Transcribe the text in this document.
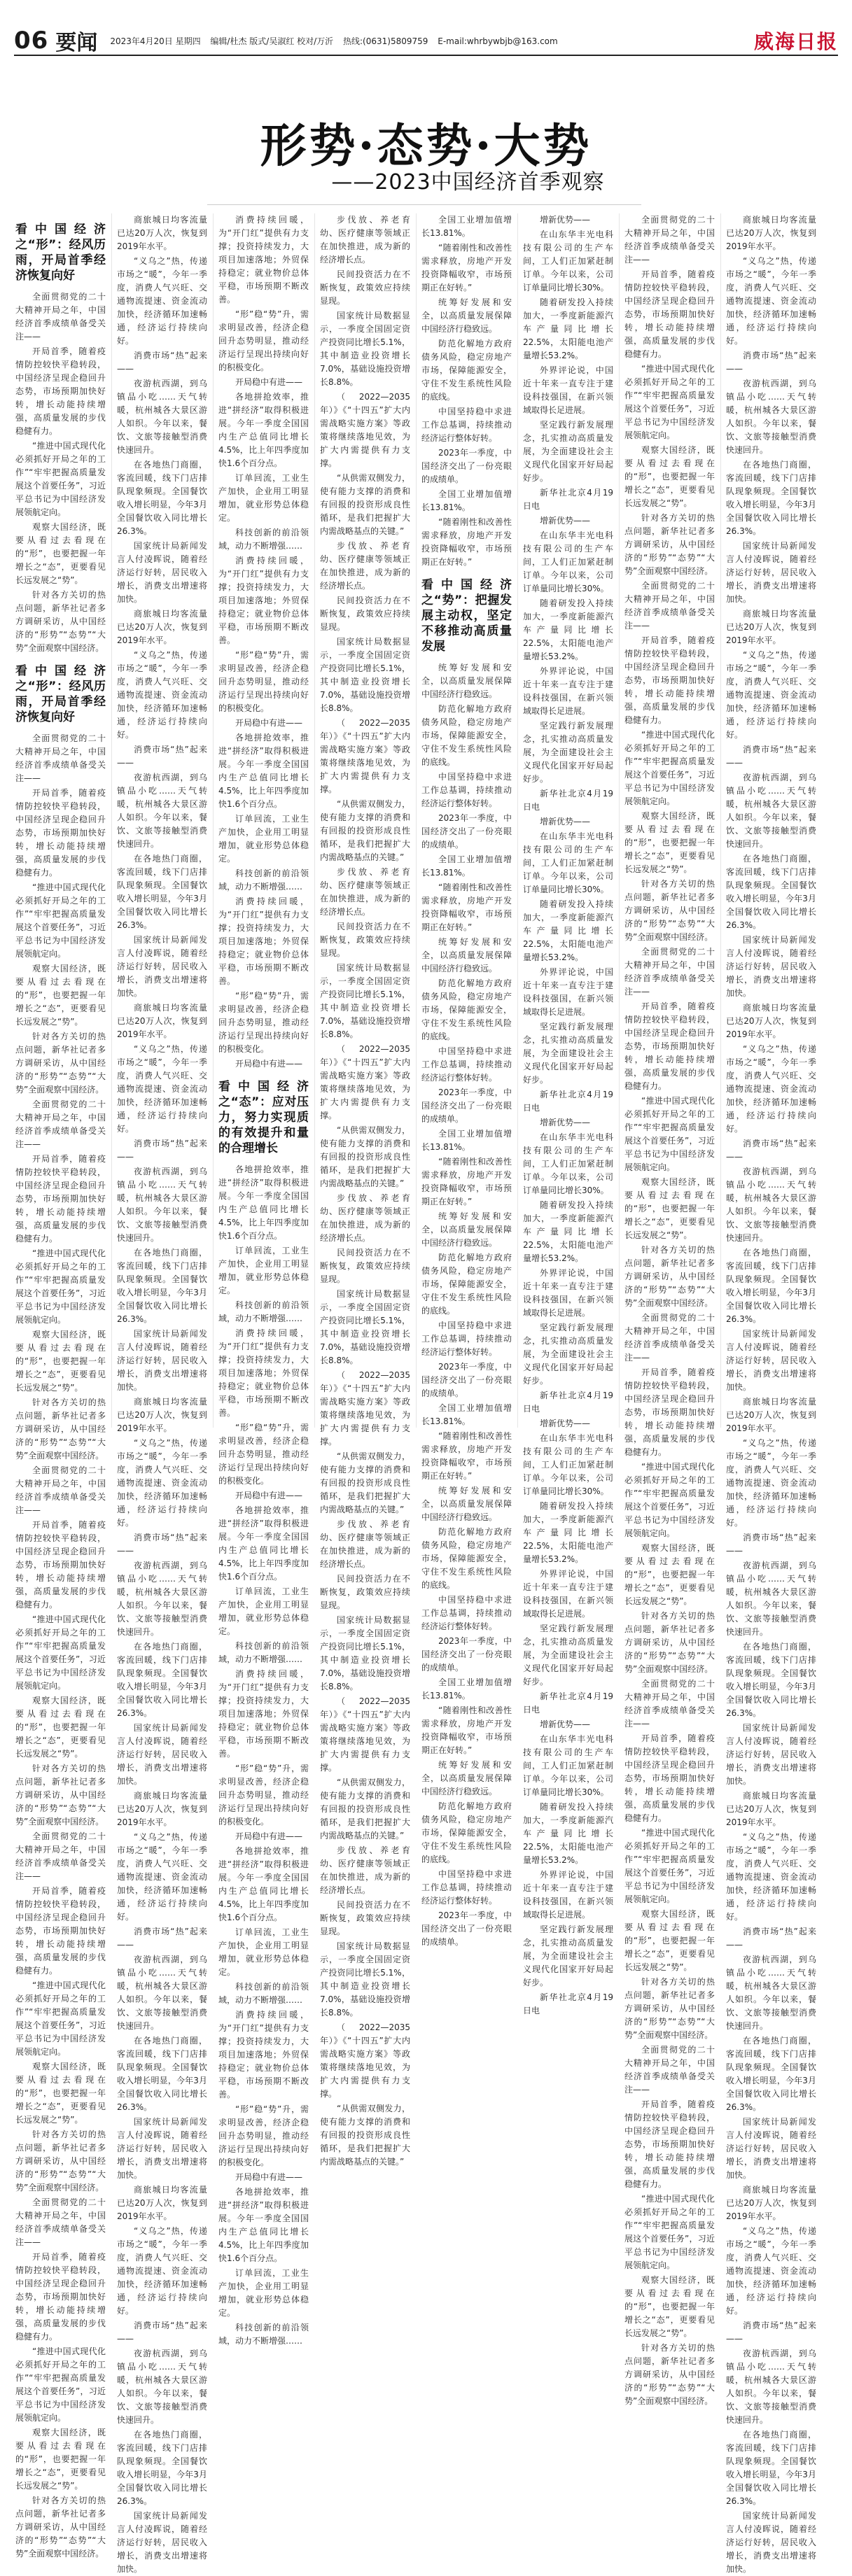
06 要闻 2023年4月20日 星期四 编辑/杜杰 版式/吴淑红 校对/万沂 热线:(0631)5809759 E-mail:whrbywbjb@163.com	威海日报
形势·态势·大势
——2023中国经济首季观察
看中国经济之“形”：经风历雨，开局首季经济恢复向好

全面贯彻党的二十大精神开局之年，中国经济首季成绩单备受关注——

开局首季，随着疫情防控较快平稳转段，中国经济呈现企稳回升态势，市场预期加快好转，增长动能持续增强，高质量发展的步伐稳健有力。

“推进中国式现代化必须抓好开局之年的工作”“牢牢把握高质量发展这个首要任务”，习近平总书记为中国经济发展领航定向。

观察大国经济，既要从看过去看现在的“形”，也要把握一年增长之“态”，更要看见长远发展之“势”。

针对各方关切的热点问题，新华社记者多方调研采访，从中国经济的“形势”“态势”“大势”全面观察中国经济。

看中国经济之“形”：经风历雨，开局首季经济恢复向好

全面贯彻党的二十大精神开局之年，中国经济首季成绩单备受关注——

开局首季，随着疫情防控较快平稳转段，中国经济呈现企稳回升态势，市场预期加快好转，增长动能持续增强，高质量发展的步伐稳健有力。

“推进中国式现代化必须抓好开局之年的工作”“牢牢把握高质量发展这个首要任务”，习近平总书记为中国经济发展领航定向。

观察大国经济，既要从看过去看现在的“形”，也要把握一年增长之“态”，更要看见长远发展之“势”。

针对各方关切的热点问题，新华社记者多方调研采访，从中国经济的“形势”“态势”“大势”全面观察中国经济。

全面贯彻党的二十大精神开局之年，中国经济首季成绩单备受关注——

开局首季，随着疫情防控较快平稳转段，中国经济呈现企稳回升态势，市场预期加快好转，增长动能持续增强，高质量发展的步伐稳健有力。

“推进中国式现代化必须抓好开局之年的工作”“牢牢把握高质量发展这个首要任务”，习近平总书记为中国经济发展领航定向。

观察大国经济，既要从看过去看现在的“形”，也要把握一年增长之“态”，更要看见长远发展之“势”。

针对各方关切的热点问题，新华社记者多方调研采访，从中国经济的“形势”“态势”“大势”全面观察中国经济。

全面贯彻党的二十大精神开局之年，中国经济首季成绩单备受关注——

开局首季，随着疫情防控较快平稳转段，中国经济呈现企稳回升态势，市场预期加快好转，增长动能持续增强，高质量发展的步伐稳健有力。

“推进中国式现代化必须抓好开局之年的工作”“牢牢把握高质量发展这个首要任务”，习近平总书记为中国经济发展领航定向。

观察大国经济，既要从看过去看现在的“形”，也要把握一年增长之“态”，更要看见长远发展之“势”。

针对各方关切的热点问题，新华社记者多方调研采访，从中国经济的“形势”“态势”“大势”全面观察中国经济。

全面贯彻党的二十大精神开局之年，中国经济首季成绩单备受关注——

开局首季，随着疫情防控较快平稳转段，中国经济呈现企稳回升态势，市场预期加快好转，增长动能持续增强，高质量发展的步伐稳健有力。

“推进中国式现代化必须抓好开局之年的工作”“牢牢把握高质量发展这个首要任务”，习近平总书记为中国经济发展领航定向。

观察大国经济，既要从看过去看现在的“形”，也要把握一年增长之“态”，更要看见长远发展之“势”。

针对各方关切的热点问题，新华社记者多方调研采访，从中国经济的“形势”“态势”“大势”全面观察中国经济。

全面贯彻党的二十大精神开局之年，中国经济首季成绩单备受关注——

开局首季，随着疫情防控较快平稳转段，中国经济呈现企稳回升态势，市场预期加快好转，增长动能持续增强，高质量发展的步伐稳健有力。

“推进中国式现代化必须抓好开局之年的工作”“牢牢把握高质量发展这个首要任务”，习近平总书记为中国经济发展领航定向。

观察大国经济，既要从看过去看现在的“形”，也要把握一年增长之“态”，更要看见长远发展之“势”。

针对各方关切的热点问题，新华社记者多方调研采访，从中国经济的“形势”“态势”“大势”全面观察中国经济。

商旅城日均客流量已达20万人次，恢复到2019年水平。

“义乌之”热，传递市场之“暖”，今年一季度，消费人气兴旺、交通物流提速、资金流动加快，经济循环加速畅通，经济运行持续向好。

消费市场“热”起来——

夜游杭西湖，到乌镇品小吃……天气转暖，杭州城各大景区游人如织。今年以来，餐饮、文旅等接触型消费快速回升。

在各地热门商圈，客流回暖，线下门店排队现象频现。全国餐饮收入增长明显，今年3月全国餐饮收入同比增长26.3%。

国家统计局新闻发言人付凌晖说，随着经济运行好转，居民收入增长，消费支出增速将加快。

商旅城日均客流量已达20万人次，恢复到2019年水平。

“义乌之”热，传递市场之“暖”，今年一季度，消费人气兴旺、交通物流提速、资金流动加快，经济循环加速畅通，经济运行持续向好。

消费市场“热”起来——

夜游杭西湖，到乌镇品小吃……天气转暖，杭州城各大景区游人如织。今年以来，餐饮、文旅等接触型消费快速回升。

在各地热门商圈，客流回暖，线下门店排队现象频现。全国餐饮收入增长明显，今年3月全国餐饮收入同比增长26.3%。

国家统计局新闻发言人付凌晖说，随着经济运行好转，居民收入增长，消费支出增速将加快。

商旅城日均客流量已达20万人次，恢复到2019年水平。

“义乌之”热，传递市场之“暖”，今年一季度，消费人气兴旺、交通物流提速、资金流动加快，经济循环加速畅通，经济运行持续向好。

消费市场“热”起来——

夜游杭西湖，到乌镇品小吃……天气转暖，杭州城各大景区游人如织。今年以来，餐饮、文旅等接触型消费快速回升。

在各地热门商圈，客流回暖，线下门店排队现象频现。全国餐饮收入增长明显，今年3月全国餐饮收入同比增长26.3%。

国家统计局新闻发言人付凌晖说，随着经济运行好转，居民收入增长，消费支出增速将加快。

商旅城日均客流量已达20万人次，恢复到2019年水平。

“义乌之”热，传递市场之“暖”，今年一季度，消费人气兴旺、交通物流提速、资金流动加快，经济循环加速畅通，经济运行持续向好。

消费市场“热”起来——

夜游杭西湖，到乌镇品小吃……天气转暖，杭州城各大景区游人如织。今年以来，餐饮、文旅等接触型消费快速回升。

在各地热门商圈，客流回暖，线下门店排队现象频现。全国餐饮收入增长明显，今年3月全国餐饮收入同比增长26.3%。

国家统计局新闻发言人付凌晖说，随着经济运行好转，居民收入增长，消费支出增速将加快。

商旅城日均客流量已达20万人次，恢复到2019年水平。

“义乌之”热，传递市场之“暖”，今年一季度，消费人气兴旺、交通物流提速、资金流动加快，经济循环加速畅通，经济运行持续向好。

消费市场“热”起来——

夜游杭西湖，到乌镇品小吃……天气转暖，杭州城各大景区游人如织。今年以来，餐饮、文旅等接触型消费快速回升。

在各地热门商圈，客流回暖，线下门店排队现象频现。全国餐饮收入增长明显，今年3月全国餐饮收入同比增长26.3%。

国家统计局新闻发言人付凌晖说，随着经济运行好转，居民收入增长，消费支出增速将加快。

商旅城日均客流量已达20万人次，恢复到2019年水平。

“义乌之”热，传递市场之“暖”，今年一季度，消费人气兴旺、交通物流提速、资金流动加快，经济循环加速畅通，经济运行持续向好。

消费市场“热”起来——

夜游杭西湖，到乌镇品小吃……天气转暖，杭州城各大景区游人如织。今年以来，餐饮、文旅等接触型消费快速回升。

在各地热门商圈，客流回暖，线下门店排队现象频现。全国餐饮收入增长明显，今年3月全国餐饮收入同比增长26.3%。

国家统计局新闻发言人付凌晖说，随着经济运行好转，居民收入增长，消费支出增速将加快。

消费持续回暖，为“开门红”提供有力支撑；投资持续发力，大项目加速落地；外贸保持稳定；就业物价总体平稳，市场预期不断改善。

“形”稳“势”升，需求明显改善，经济企稳回升态势明显，推动经济运行呈现出持续向好的积极变化。

开局稳中有进——

各地拼抢效率，推进“拼经济”取得积极进展。今年一季度全国国内生产总值同比增长4.5%，比上年四季度加快1.6个百分点。

订单回流，工业生产加快，企业用工明显增加，就业形势总体稳定。

科技创新的前沿领域，动力不断增强……

消费持续回暖，为“开门红”提供有力支撑；投资持续发力，大项目加速落地；外贸保持稳定；就业物价总体平稳，市场预期不断改善。

“形”稳“势”升，需求明显改善，经济企稳回升态势明显，推动经济运行呈现出持续向好的积极变化。

开局稳中有进——

各地拼抢效率，推进“拼经济”取得积极进展。今年一季度全国国内生产总值同比增长4.5%，比上年四季度加快1.6个百分点。

订单回流，工业生产加快，企业用工明显增加，就业形势总体稳定。

科技创新的前沿领域，动力不断增强……

消费持续回暖，为“开门红”提供有力支撑；投资持续发力，大项目加速落地；外贸保持稳定；就业物价总体平稳，市场预期不断改善。

“形”稳“势”升，需求明显改善，经济企稳回升态势明显，推动经济运行呈现出持续向好的积极变化。

开局稳中有进——

看中国经济之“态”：应对压力，努力实现质的有效提升和量的合理增长

各地拼抢效率，推进“拼经济”取得积极进展。今年一季度全国国内生产总值同比增长4.5%，比上年四季度加快1.6个百分点。

订单回流，工业生产加快，企业用工明显增加，就业形势总体稳定。

科技创新的前沿领域，动力不断增强……

消费持续回暖，为“开门红”提供有力支撑；投资持续发力，大项目加速落地；外贸保持稳定；就业物价总体平稳，市场预期不断改善。

“形”稳“势”升，需求明显改善，经济企稳回升态势明显，推动经济运行呈现出持续向好的积极变化。

开局稳中有进——

各地拼抢效率，推进“拼经济”取得积极进展。今年一季度全国国内生产总值同比增长4.5%，比上年四季度加快1.6个百分点。

订单回流，工业生产加快，企业用工明显增加，就业形势总体稳定。

科技创新的前沿领域，动力不断增强……

消费持续回暖，为“开门红”提供有力支撑；投资持续发力，大项目加速落地；外贸保持稳定；就业物价总体平稳，市场预期不断改善。

“形”稳“势”升，需求明显改善，经济企稳回升态势明显，推动经济运行呈现出持续向好的积极变化。

开局稳中有进——

各地拼抢效率，推进“拼经济”取得积极进展。今年一季度全国国内生产总值同比增长4.5%，比上年四季度加快1.6个百分点。

订单回流，工业生产加快，企业用工明显增加，就业形势总体稳定。

科技创新的前沿领域，动力不断增强……

消费持续回暖，为“开门红”提供有力支撑；投资持续发力，大项目加速落地；外贸保持稳定；就业物价总体平稳，市场预期不断改善。

“形”稳“势”升，需求明显改善，经济企稳回升态势明显，推动经济运行呈现出持续向好的积极变化。

开局稳中有进——

各地拼抢效率，推进“拼经济”取得积极进展。今年一季度全国国内生产总值同比增长4.5%，比上年四季度加快1.6个百分点。

订单回流，工业生产加快，企业用工明显增加，就业形势总体稳定。

科技创新的前沿领域，动力不断增强……

步伐放、养老育幼、医疗健康等领域正在加快推进，成为新的经济增长点。

民间投资活力在不断恢复，政策效应持续显现。

国家统计局数据显示，一季度全国固定资产投资同比增长5.1%，其中制造业投资增长7.0%，基础设施投资增长8.8%。

（2022—2035年）》《“十四五”扩大内需战略实施方案》等政策将继续落地见效，为扩大内需提供有力支撑。

“从供需双侧发力，使有能力支撑的消费和有回报的投资形成良性循环，是我们把握扩大内需战略基点的关键。”

步伐放、养老育幼、医疗健康等领域正在加快推进，成为新的经济增长点。

民间投资活力在不断恢复，政策效应持续显现。

国家统计局数据显示，一季度全国固定资产投资同比增长5.1%，其中制造业投资增长7.0%，基础设施投资增长8.8%。

（2022—2035年）》《“十四五”扩大内需战略实施方案》等政策将继续落地见效，为扩大内需提供有力支撑。

“从供需双侧发力，使有能力支撑的消费和有回报的投资形成良性循环，是我们把握扩大内需战略基点的关键。”

步伐放、养老育幼、医疗健康等领域正在加快推进，成为新的经济增长点。

民间投资活力在不断恢复，政策效应持续显现。

国家统计局数据显示，一季度全国固定资产投资同比增长5.1%，其中制造业投资增长7.0%，基础设施投资增长8.8%。

（2022—2035年）》《“十四五”扩大内需战略实施方案》等政策将继续落地见效，为扩大内需提供有力支撑。

“从供需双侧发力，使有能力支撑的消费和有回报的投资形成良性循环，是我们把握扩大内需战略基点的关键。”

步伐放、养老育幼、医疗健康等领域正在加快推进，成为新的经济增长点。

民间投资活力在不断恢复，政策效应持续显现。

国家统计局数据显示，一季度全国固定资产投资同比增长5.1%，其中制造业投资增长7.0%，基础设施投资增长8.8%。

（2022—2035年）》《“十四五”扩大内需战略实施方案》等政策将继续落地见效，为扩大内需提供有力支撑。

“从供需双侧发力，使有能力支撑的消费和有回报的投资形成良性循环，是我们把握扩大内需战略基点的关键。”

步伐放、养老育幼、医疗健康等领域正在加快推进，成为新的经济增长点。

民间投资活力在不断恢复，政策效应持续显现。

国家统计局数据显示，一季度全国固定资产投资同比增长5.1%，其中制造业投资增长7.0%，基础设施投资增长8.8%。

（2022—2035年）》《“十四五”扩大内需战略实施方案》等政策将继续落地见效，为扩大内需提供有力支撑。

“从供需双侧发力，使有能力支撑的消费和有回报的投资形成良性循环，是我们把握扩大内需战略基点的关键。”

步伐放、养老育幼、医疗健康等领域正在加快推进，成为新的经济增长点。

民间投资活力在不断恢复，政策效应持续显现。

国家统计局数据显示，一季度全国固定资产投资同比增长5.1%，其中制造业投资增长7.0%，基础设施投资增长8.8%。

（2022—2035年）》《“十四五”扩大内需战略实施方案》等政策将继续落地见效，为扩大内需提供有力支撑。

“从供需双侧发力，使有能力支撑的消费和有回报的投资形成良性循环，是我们把握扩大内需战略基点的关键。”

全国工业增加值增长13.81%。

“随着刚性和改善性需求释放，房地产开发投资降幅收窄，市场预期正在好转。”

统筹好发展和安全，以高质量发展保障中国经济行稳致远。

防范化解地方政府债务风险，稳定房地产市场，保障能源安全，守住不发生系统性风险的底线。

中国坚持稳中求进工作总基调，持续推动经济运行整体好转。

2023年一季度，中国经济交出了一份亮眼的成绩单。

全国工业增加值增长13.81%。

“随着刚性和改善性需求释放，房地产开发投资降幅收窄，市场预期正在好转。”

看中国经济之“势”：把握发展主动权，坚定不移推动高质量发展

统筹好发展和安全，以高质量发展保障中国经济行稳致远。

防范化解地方政府债务风险，稳定房地产市场，保障能源安全，守住不发生系统性风险的底线。

中国坚持稳中求进工作总基调，持续推动经济运行整体好转。

2023年一季度，中国经济交出了一份亮眼的成绩单。

全国工业增加值增长13.81%。

“随着刚性和改善性需求释放，房地产开发投资降幅收窄，市场预期正在好转。”

统筹好发展和安全，以高质量发展保障中国经济行稳致远。

防范化解地方政府债务风险，稳定房地产市场，保障能源安全，守住不发生系统性风险的底线。

中国坚持稳中求进工作总基调，持续推动经济运行整体好转。

2023年一季度，中国经济交出了一份亮眼的成绩单。

全国工业增加值增长13.81%。

“随着刚性和改善性需求释放，房地产开发投资降幅收窄，市场预期正在好转。”

统筹好发展和安全，以高质量发展保障中国经济行稳致远。

防范化解地方政府债务风险，稳定房地产市场，保障能源安全，守住不发生系统性风险的底线。

中国坚持稳中求进工作总基调，持续推动经济运行整体好转。

2023年一季度，中国经济交出了一份亮眼的成绩单。

全国工业增加值增长13.81%。

“随着刚性和改善性需求释放，房地产开发投资降幅收窄，市场预期正在好转。”

统筹好发展和安全，以高质量发展保障中国经济行稳致远。

防范化解地方政府债务风险，稳定房地产市场，保障能源安全，守住不发生系统性风险的底线。

中国坚持稳中求进工作总基调，持续推动经济运行整体好转。

2023年一季度，中国经济交出了一份亮眼的成绩单。

全国工业增加值增长13.81%。

“随着刚性和改善性需求释放，房地产开发投资降幅收窄，市场预期正在好转。”

统筹好发展和安全，以高质量发展保障中国经济行稳致远。

防范化解地方政府债务风险，稳定房地产市场，保障能源安全，守住不发生系统性风险的底线。

中国坚持稳中求进工作总基调，持续推动经济运行整体好转。

2023年一季度，中国经济交出了一份亮眼的成绩单。

增新优势——

在山东华丰光电科技有限公司的生产车间，工人们正加紧赶制订单。今年以来，公司订单量同比增长30%。

随着研发投入持续加大，一季度新能源汽车产量同比增长22.5%，太阳能电池产量增长53.2%。

外界评论说，中国近十年来一直专注于建设科技强国，在新兴领域取得长足进展。

坚定践行新发展理念，扎实推动高质量发展，为全面建设社会主义现代化国家开好局起好步。

新华社北京4月19日电

增新优势——

在山东华丰光电科技有限公司的生产车间，工人们正加紧赶制订单。今年以来，公司订单量同比增长30%。

随着研发投入持续加大，一季度新能源汽车产量同比增长22.5%，太阳能电池产量增长53.2%。

外界评论说，中国近十年来一直专注于建设科技强国，在新兴领域取得长足进展。

坚定践行新发展理念，扎实推动高质量发展，为全面建设社会主义现代化国家开好局起好步。

新华社北京4月19日电

增新优势——

在山东华丰光电科技有限公司的生产车间，工人们正加紧赶制订单。今年以来，公司订单量同比增长30%。

随着研发投入持续加大，一季度新能源汽车产量同比增长22.5%，太阳能电池产量增长53.2%。

外界评论说，中国近十年来一直专注于建设科技强国，在新兴领域取得长足进展。

坚定践行新发展理念，扎实推动高质量发展，为全面建设社会主义现代化国家开好局起好步。

新华社北京4月19日电

增新优势——

在山东华丰光电科技有限公司的生产车间，工人们正加紧赶制订单。今年以来，公司订单量同比增长30%。

随着研发投入持续加大，一季度新能源汽车产量同比增长22.5%，太阳能电池产量增长53.2%。

外界评论说，中国近十年来一直专注于建设科技强国，在新兴领域取得长足进展。

坚定践行新发展理念，扎实推动高质量发展，为全面建设社会主义现代化国家开好局起好步。

新华社北京4月19日电

增新优势——

在山东华丰光电科技有限公司的生产车间，工人们正加紧赶制订单。今年以来，公司订单量同比增长30%。

随着研发投入持续加大，一季度新能源汽车产量同比增长22.5%，太阳能电池产量增长53.2%。

外界评论说，中国近十年来一直专注于建设科技强国，在新兴领域取得长足进展。

坚定践行新发展理念，扎实推动高质量发展，为全面建设社会主义现代化国家开好局起好步。

新华社北京4月19日电

增新优势——

在山东华丰光电科技有限公司的生产车间，工人们正加紧赶制订单。今年以来，公司订单量同比增长30%。

随着研发投入持续加大，一季度新能源汽车产量同比增长22.5%，太阳能电池产量增长53.2%。

外界评论说，中国近十年来一直专注于建设科技强国，在新兴领域取得长足进展。

坚定践行新发展理念，扎实推动高质量发展，为全面建设社会主义现代化国家开好局起好步。

新华社北京4月19日电

全面贯彻党的二十大精神开局之年，中国经济首季成绩单备受关注——

开局首季，随着疫情防控较快平稳转段，中国经济呈现企稳回升态势，市场预期加快好转，增长动能持续增强，高质量发展的步伐稳健有力。

“推进中国式现代化必须抓好开局之年的工作”“牢牢把握高质量发展这个首要任务”，习近平总书记为中国经济发展领航定向。

观察大国经济，既要从看过去看现在的“形”，也要把握一年增长之“态”，更要看见长远发展之“势”。

针对各方关切的热点问题，新华社记者多方调研采访，从中国经济的“形势”“态势”“大势”全面观察中国经济。

全面贯彻党的二十大精神开局之年，中国经济首季成绩单备受关注——

开局首季，随着疫情防控较快平稳转段，中国经济呈现企稳回升态势，市场预期加快好转，增长动能持续增强，高质量发展的步伐稳健有力。

“推进中国式现代化必须抓好开局之年的工作”“牢牢把握高质量发展这个首要任务”，习近平总书记为中国经济发展领航定向。

观察大国经济，既要从看过去看现在的“形”，也要把握一年增长之“态”，更要看见长远发展之“势”。

针对各方关切的热点问题，新华社记者多方调研采访，从中国经济的“形势”“态势”“大势”全面观察中国经济。

全面贯彻党的二十大精神开局之年，中国经济首季成绩单备受关注——

开局首季，随着疫情防控较快平稳转段，中国经济呈现企稳回升态势，市场预期加快好转，增长动能持续增强，高质量发展的步伐稳健有力。

“推进中国式现代化必须抓好开局之年的工作”“牢牢把握高质量发展这个首要任务”，习近平总书记为中国经济发展领航定向。

观察大国经济，既要从看过去看现在的“形”，也要把握一年增长之“态”，更要看见长远发展之“势”。

针对各方关切的热点问题，新华社记者多方调研采访，从中国经济的“形势”“态势”“大势”全面观察中国经济。

全面贯彻党的二十大精神开局之年，中国经济首季成绩单备受关注——

开局首季，随着疫情防控较快平稳转段，中国经济呈现企稳回升态势，市场预期加快好转，增长动能持续增强，高质量发展的步伐稳健有力。

“推进中国式现代化必须抓好开局之年的工作”“牢牢把握高质量发展这个首要任务”，习近平总书记为中国经济发展领航定向。

观察大国经济，既要从看过去看现在的“形”，也要把握一年增长之“态”，更要看见长远发展之“势”。

针对各方关切的热点问题，新华社记者多方调研采访，从中国经济的“形势”“态势”“大势”全面观察中国经济。

全面贯彻党的二十大精神开局之年，中国经济首季成绩单备受关注——

开局首季，随着疫情防控较快平稳转段，中国经济呈现企稳回升态势，市场预期加快好转，增长动能持续增强，高质量发展的步伐稳健有力。

“推进中国式现代化必须抓好开局之年的工作”“牢牢把握高质量发展这个首要任务”，习近平总书记为中国经济发展领航定向。

观察大国经济，既要从看过去看现在的“形”，也要把握一年增长之“态”，更要看见长远发展之“势”。

针对各方关切的热点问题，新华社记者多方调研采访，从中国经济的“形势”“态势”“大势”全面观察中国经济。

全面贯彻党的二十大精神开局之年，中国经济首季成绩单备受关注——

开局首季，随着疫情防控较快平稳转段，中国经济呈现企稳回升态势，市场预期加快好转，增长动能持续增强，高质量发展的步伐稳健有力。

“推进中国式现代化必须抓好开局之年的工作”“牢牢把握高质量发展这个首要任务”，习近平总书记为中国经济发展领航定向。

观察大国经济，既要从看过去看现在的“形”，也要把握一年增长之“态”，更要看见长远发展之“势”。

针对各方关切的热点问题，新华社记者多方调研采访，从中国经济的“形势”“态势”“大势”全面观察中国经济。

商旅城日均客流量已达20万人次，恢复到2019年水平。

“义乌之”热，传递市场之“暖”，今年一季度，消费人气兴旺、交通物流提速、资金流动加快，经济循环加速畅通，经济运行持续向好。

消费市场“热”起来——

夜游杭西湖，到乌镇品小吃……天气转暖，杭州城各大景区游人如织。今年以来，餐饮、文旅等接触型消费快速回升。

在各地热门商圈，客流回暖，线下门店排队现象频现。全国餐饮收入增长明显，今年3月全国餐饮收入同比增长26.3%。

国家统计局新闻发言人付凌晖说，随着经济运行好转，居民收入增长，消费支出增速将加快。

商旅城日均客流量已达20万人次，恢复到2019年水平。

“义乌之”热，传递市场之“暖”，今年一季度，消费人气兴旺、交通物流提速、资金流动加快，经济循环加速畅通，经济运行持续向好。

消费市场“热”起来——

夜游杭西湖，到乌镇品小吃……天气转暖，杭州城各大景区游人如织。今年以来，餐饮、文旅等接触型消费快速回升。

在各地热门商圈，客流回暖，线下门店排队现象频现。全国餐饮收入增长明显，今年3月全国餐饮收入同比增长26.3%。

国家统计局新闻发言人付凌晖说，随着经济运行好转，居民收入增长，消费支出增速将加快。

商旅城日均客流量已达20万人次，恢复到2019年水平。

“义乌之”热，传递市场之“暖”，今年一季度，消费人气兴旺、交通物流提速、资金流动加快，经济循环加速畅通，经济运行持续向好。

消费市场“热”起来——

夜游杭西湖，到乌镇品小吃……天气转暖，杭州城各大景区游人如织。今年以来，餐饮、文旅等接触型消费快速回升。

在各地热门商圈，客流回暖，线下门店排队现象频现。全国餐饮收入增长明显，今年3月全国餐饮收入同比增长26.3%。

国家统计局新闻发言人付凌晖说，随着经济运行好转，居民收入增长，消费支出增速将加快。

商旅城日均客流量已达20万人次，恢复到2019年水平。

“义乌之”热，传递市场之“暖”，今年一季度，消费人气兴旺、交通物流提速、资金流动加快，经济循环加速畅通，经济运行持续向好。

消费市场“热”起来——

夜游杭西湖，到乌镇品小吃……天气转暖，杭州城各大景区游人如织。今年以来，餐饮、文旅等接触型消费快速回升。

在各地热门商圈，客流回暖，线下门店排队现象频现。全国餐饮收入增长明显，今年3月全国餐饮收入同比增长26.3%。

国家统计局新闻发言人付凌晖说，随着经济运行好转，居民收入增长，消费支出增速将加快。

商旅城日均客流量已达20万人次，恢复到2019年水平。

“义乌之”热，传递市场之“暖”，今年一季度，消费人气兴旺、交通物流提速、资金流动加快，经济循环加速畅通，经济运行持续向好。

消费市场“热”起来——

夜游杭西湖，到乌镇品小吃……天气转暖，杭州城各大景区游人如织。今年以来，餐饮、文旅等接触型消费快速回升。

在各地热门商圈，客流回暖，线下门店排队现象频现。全国餐饮收入增长明显，今年3月全国餐饮收入同比增长26.3%。

国家统计局新闻发言人付凌晖说，随着经济运行好转，居民收入增长，消费支出增速将加快。

商旅城日均客流量已达20万人次，恢复到2019年水平。

“义乌之”热，传递市场之“暖”，今年一季度，消费人气兴旺、交通物流提速、资金流动加快，经济循环加速畅通，经济运行持续向好。

消费市场“热”起来——

夜游杭西湖，到乌镇品小吃……天气转暖，杭州城各大景区游人如织。今年以来，餐饮、文旅等接触型消费快速回升。

在各地热门商圈，客流回暖，线下门店排队现象频现。全国餐饮收入增长明显，今年3月全国餐饮收入同比增长26.3%。

国家统计局新闻发言人付凌晖说，随着经济运行好转，居民收入增长，消费支出增速将加快。
